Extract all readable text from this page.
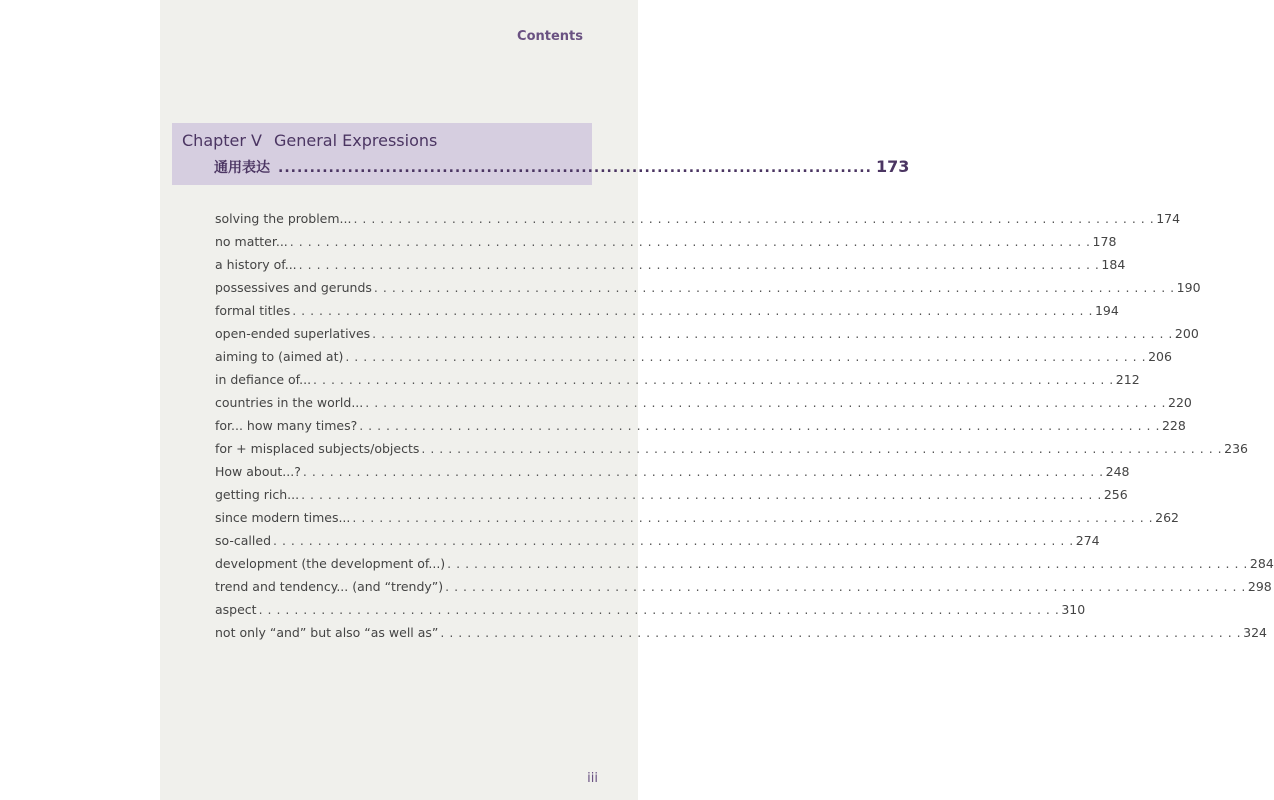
Contents
Chapter V General Expressions
通用表达 .............................................................................................. 173
solving the problem... . . . . . . . . . . . . . . . . . . . . . . . . . . . . . . . . . . . . . . . . . . . . . . . . . . . . . . . . . . . . . . . . . . . . . . . . . . . . . . . . . . . . . . . . . . 174
no matter... . . . . . . . . . . . . . . . . . . . . . . . . . . . . . . . . . . . . . . . . . . . . . . . . . . . . . . . . . . . . . . . . . . . . . . . . . . . . . . . . . . . . . . . . . . 178
a history of... . . . . . . . . . . . . . . . . . . . . . . . . . . . . . . . . . . . . . . . . . . . . . . . . . . . . . . . . . . . . . . . . . . . . . . . . . . . . . . . . . . . . . . . . . . 184
possessives and gerunds . . . . . . . . . . . . . . . . . . . . . . . . . . . . . . . . . . . . . . . . . . . . . . . . . . . . . . . . . . . . . . . . . . . . . . . . . . . . . . . . . . . . . . . . . . 190
formal titles . . . . . . . . . . . . . . . . . . . . . . . . . . . . . . . . . . . . . . . . . . . . . . . . . . . . . . . . . . . . . . . . . . . . . . . . . . . . . . . . . . . . . . . . . . 194
open-ended superlatives . . . . . . . . . . . . . . . . . . . . . . . . . . . . . . . . . . . . . . . . . . . . . . . . . . . . . . . . . . . . . . . . . . . . . . . . . . . . . . . . . . . . . . . . . . 200
aiming to (aimed at) . . . . . . . . . . . . . . . . . . . . . . . . . . . . . . . . . . . . . . . . . . . . . . . . . . . . . . . . . . . . . . . . . . . . . . . . . . . . . . . . . . . . . . . . . . 206
in defiance of... . . . . . . . . . . . . . . . . . . . . . . . . . . . . . . . . . . . . . . . . . . . . . . . . . . . . . . . . . . . . . . . . . . . . . . . . . . . . . . . . . . . . . . . . . . 212
countries in the world... . . . . . . . . . . . . . . . . . . . . . . . . . . . . . . . . . . . . . . . . . . . . . . . . . . . . . . . . . . . . . . . . . . . . . . . . . . . . . . . . . . . . . . . . . . 220
for... how many times? . . . . . . . . . . . . . . . . . . . . . . . . . . . . . . . . . . . . . . . . . . . . . . . . . . . . . . . . . . . . . . . . . . . . . . . . . . . . . . . . . . . . . . . . . . 228
for + misplaced subjects/objects . . . . . . . . . . . . . . . . . . . . . . . . . . . . . . . . . . . . . . . . . . . . . . . . . . . . . . . . . . . . . . . . . . . . . . . . . . . . . . . . . . . . . . . . . . 236
How about...? . . . . . . . . . . . . . . . . . . . . . . . . . . . . . . . . . . . . . . . . . . . . . . . . . . . . . . . . . . . . . . . . . . . . . . . . . . . . . . . . . . . . . . . . . . 248
getting rich... . . . . . . . . . . . . . . . . . . . . . . . . . . . . . . . . . . . . . . . . . . . . . . . . . . . . . . . . . . . . . . . . . . . . . . . . . . . . . . . . . . . . . . . . . . 256
since modern times... . . . . . . . . . . . . . . . . . . . . . . . . . . . . . . . . . . . . . . . . . . . . . . . . . . . . . . . . . . . . . . . . . . . . . . . . . . . . . . . . . . . . . . . . . . 262
so-called . . . . . . . . . . . . . . . . . . . . . . . . . . . . . . . . . . . . . . . . . . . . . . . . . . . . . . . . . . . . . . . . . . . . . . . . . . . . . . . . . . . . . . . . . . 274
development (the development of...) . . . . . . . . . . . . . . . . . . . . . . . . . . . . . . . . . . . . . . . . . . . . . . . . . . . . . . . . . . . . . . . . . . . . . . . . . . . . . . . . . . . . . . . . . . 284
trend and tendency... (and “trendy”) . . . . . . . . . . . . . . . . . . . . . . . . . . . . . . . . . . . . . . . . . . . . . . . . . . . . . . . . . . . . . . . . . . . . . . . . . . . . . . . . . . . . . . . . . . 298
aspect . . . . . . . . . . . . . . . . . . . . . . . . . . . . . . . . . . . . . . . . . . . . . . . . . . . . . . . . . . . . . . . . . . . . . . . . . . . . . . . . . . . . . . . . . . 310
not only “and” but also “as well as” . . . . . . . . . . . . . . . . . . . . . . . . . . . . . . . . . . . . . . . . . . . . . . . . . . . . . . . . . . . . . . . . . . . . . . . . . . . . . . . . . . . . . . . . . . 324
iii
